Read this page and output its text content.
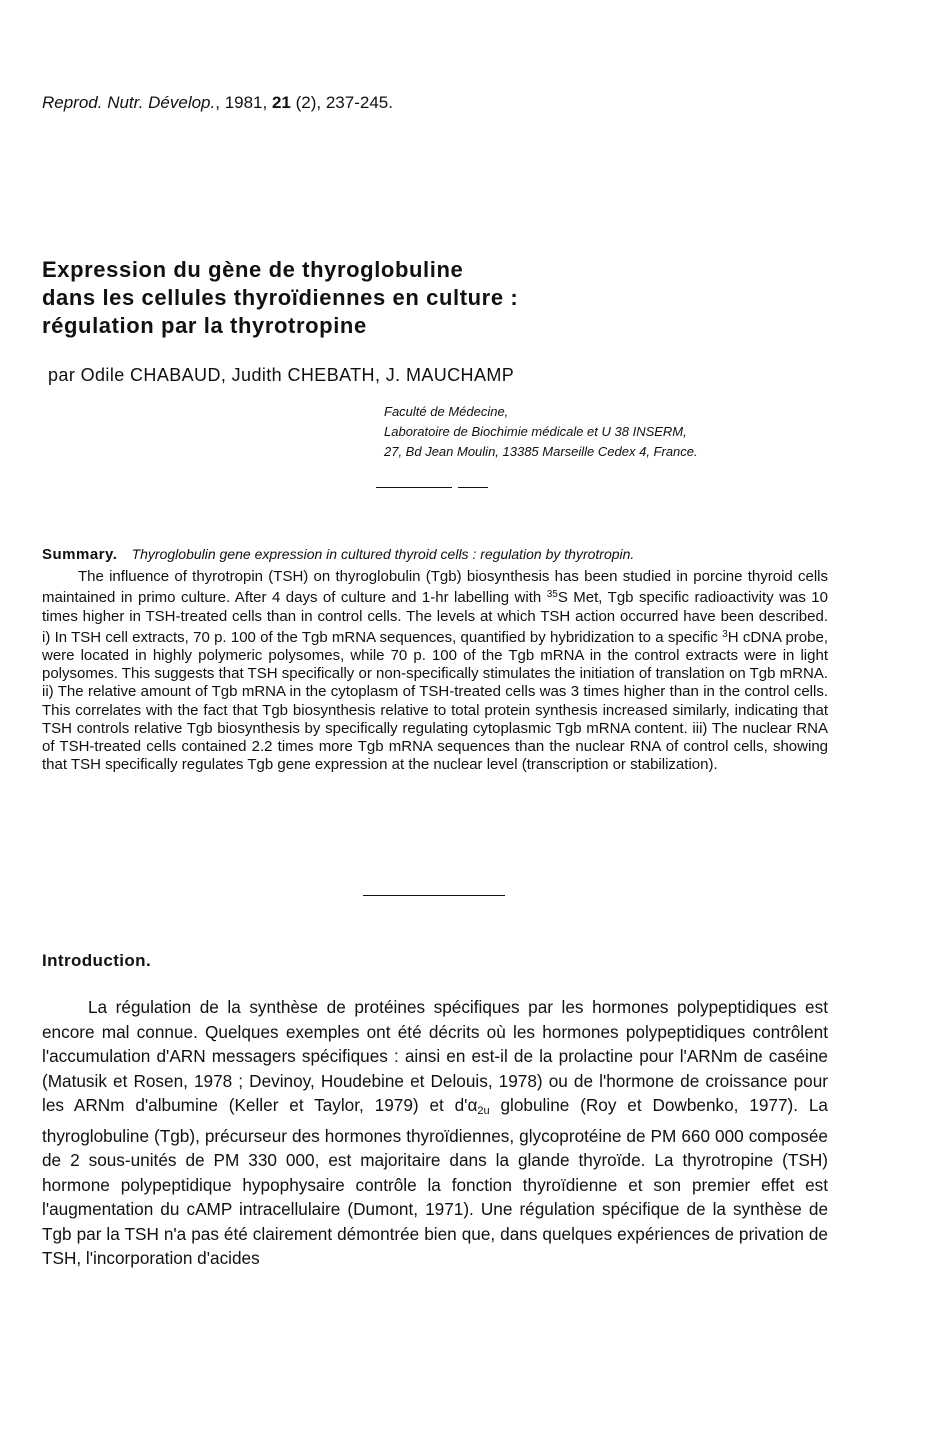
Reprod. Nutr. Dévelop., 1981, 21 (2), 237-245.
Expression du gène de thyroglobuline
dans les cellules thyroïdiennes en culture :
régulation par la thyrotropine
par Odile CHABAUD, Judith CHEBATH, J. MAUCHAMP
Faculté de Médecine,
Laboratoire de Biochimie médicale et U 38 INSERM,
27, Bd Jean Moulin, 13385 Marseille Cedex 4, France.
Summary. Thyroglobulin gene expression in cultured thyroid cells : regulation by thyrotropin.
The influence of thyrotropin (TSH) on thyroglobulin (Tgb) biosynthesis has been studied in porcine thyroid cells maintained in primo culture. After 4 days of culture and 1-hr labelling with $^{35}$S Met, Tgb specific radioactivity was 10 times higher in TSH-treated cells than in control cells. The levels at which TSH action occurred have been described. i) In TSH cell extracts, 70 p. 100 of the Tgb mRNA sequences, quantified by hybridization to a specific $^3$H cDNA probe, were located in highly polymeric polysomes, while 70 p. 100 of the Tgb mRNA in the control extracts were in light polysomes. This suggests that TSH specifically or non-specifically stimulates the initiation of translation on Tgb mRNA. ii) The relative amount of Tgb mRNA in the cytoplasm of TSH-treated cells was 3 times higher than in the control cells. This correlates with the fact that Tgb biosynthesis relative to total protein synthesis increased similarly, indicating that TSH controls relative Tgb biosynthesis by specifically regulating cytoplasmic Tgb mRNA content. iii) The nuclear RNA of TSH-treated cells contained 2.2 times more Tgb mRNA sequences than the nuclear RNA of control cells, showing that TSH specifically regulates Tgb gene expression at the nuclear level (transcription or stabilization).
Introduction.
La régulation de la synthèse de protéines spécifiques par les hormones polypeptidiques est encore mal connue. Quelques exemples ont été décrits où les hormones polypeptidiques contrôlent l'accumulation d'ARN messagers spécifiques : ainsi en est-il de la prolactine pour l'ARNm de caséine (Matusik et Rosen, 1978 ; Devinoy, Houdebine et Delouis, 1978) ou de l'hormone de croissance pour les ARNm d'albumine (Keller et Taylor, 1979) et d'α2u globuline (Roy et Dowbenko, 1977). La thyroglobuline (Tgb), précurseur des hormones thyroïdiennes, glycoprotéine de PM 660 000 composée de 2 sous-unités de PM 330 000, est majoritaire dans la glande thyroïde. La thyrotropine (TSH) hormone polypeptidique hypophysaire contrôle la fonction thyroïdienne et son premier effet est l'augmentation du cAMP intracellulaire (Dumont, 1971). Une régulation spécifique de la synthèse de Tgb par la TSH n'a pas été clairement démontrée bien que, dans quelques expériences de privation de TSH, l'incorporation d'acides
